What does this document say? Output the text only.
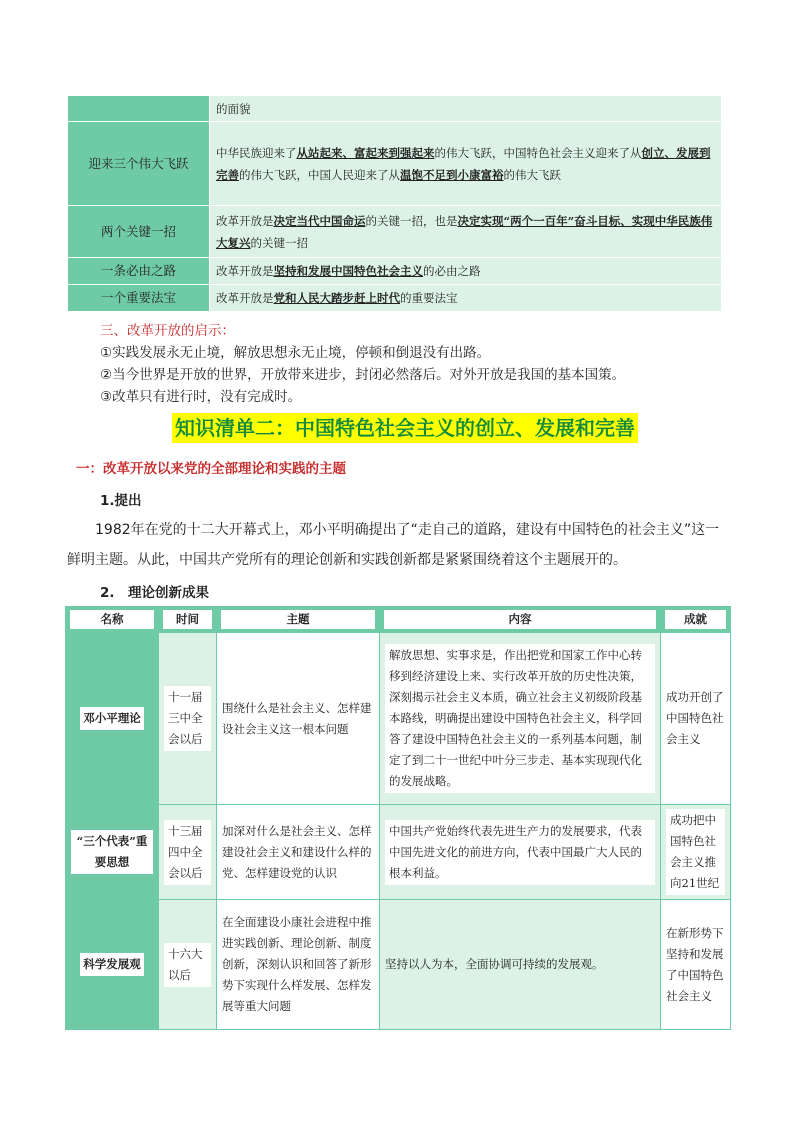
	的面貌
迎来三个伟大飞跃	中华民族迎来了从站起来、富起来到强起来的伟大飞跃，中国特色社会主义迎来了从创立、发展到完善的伟大飞跃，中国人民迎来了从温饱不足到小康富裕的伟大飞跃
两个关键一招	改革开放是决定当代中国命运的关键一招，也是决定实现“两个一百年”奋斗目标、实现中华民族伟大复兴的关键一招
一条必由之路	改革开放是坚持和发展中国特色社会主义的必由之路
一个重要法宝	改革开放是党和人民大踏步赶上时代的重要法宝
三、改革开放的启示：
①实践发展永无止境，解放思想永无止境，停顿和倒退没有出路。
②当今世界是开放的世界，开放带来进步，封闭必然落后。对外开放是我国的基本国策。
③改革只有进行时，没有完成时。
知识清单二：中国特色社会主义的创立、发展和完善
一：改革开放以来党的全部理论和实践的主题
1.提出
1982年在党的十二大开幕式上，邓小平明确提出了“走自己的道路，建设有中国特色的社会主义”这一鲜明主题。从此，中国共产党所有的理论创新和实践创新都是紧紧围绕着这个主题展开的。
2.　理论创新成果
名称	时间	主题	内容	成就

邓小平理论	十一届三中全会以后	围绕什么是社会主义、怎样建设社会主义这一根本问题	解放思想、实事求是，作出把党和国家工作中心转移到经济建设上来、实行改革开放的历史性决策，深刻揭示社会主义本质，确立社会主义初级阶段基本路线，明确提出建设中国特色社会主义，科学回答了建设中国特色社会主义的一系列基本问题，制定了到二十一世纪中叶分三步走、基本实现现代化的发展战略。	成功开创了中国特色社会主义
“三个代表”重要思想	十三届四中全会以后	加深对什么是社会主义、怎样建设社会主义和建设什么样的党、怎样建设党的认识	中国共产党始终代表先进生产力的发展要求，代表中国先进文化的前进方向，代表中国最广大人民的根本利益。	成功把中国特色社会主义推向21世纪

科学发展观	十六大以后	在全面建设小康社会进程中推进实践创新、理论创新、制度创新，深刻认识和回答了新形势下实现什么样发展、怎样发展等重大问题	坚持以人为本，全面协调可持续的发展观。	在新形势下坚持和发展了中国特色社会主义
